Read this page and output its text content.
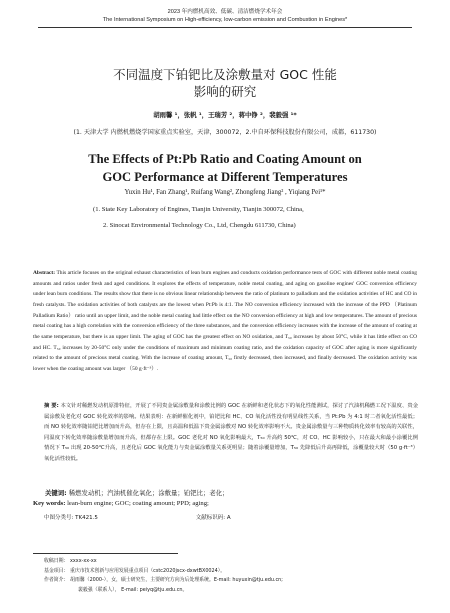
2023 年内燃机高效、低碳、清洁燃烧学术年会
The International Symposium on High-efficiency, low-carbon emission and Combustion in Engines*
不同温度下铂钯比及涂敷量对 GOC 性能
影响的研究
胡雨馨 ¹，张帆 ¹，王瑞芳 ²，蒋中铮 ²，裴毅强 ¹*
(1. 天津大学 内燃机燃烧学国家重点实验室，天津，300072，2.中自环保科技股份有限公司，成都，611730)
The Effects of Pt:Pb Ratio and Coating Amount on
GOC Performance at Different Temperatures
Yuxin Hu¹, Fan Zhang¹, Ruifang Wang², Zhongfeng Jiang² , Yiqiang Pei¹*
(1. State Key Laboratory of Engines, Tianjin University, Tianjin 300072, China,
2. Sinocat Environmental Technology Co., Ltd, Chengdu 611730, China)
Abstract: This article focuses on the original exhaust characteristics of lean burn engines and conducts oxidation performance tests of GOC with different noble metal coating amounts and ratios under fresh and aged conditions. It explores the effects of temperature, noble metal coating, and aging on gasoline engines' GOC conversion efficiency under lean burn conditions. The results show that there is no obvious linear relationship between the ratio of platinum to palladium and the oxidation activities of HC and CO in fresh catalysts. The oxidation activities of both catalysts are the lowest when Pt:Pb is 4:1. The NO conversion efficiency increased with the increase of the PPD （Platinum Palladium Ratio） ratio until an upper limit, and the noble metal coating had little effect on the NO conversion efficiency at high and low temperatures. The amount of precious metal coating has a high correlation with the conversion efficiency of the three substances, and the conversion efficiency increases with the increase of the amount of coating at the same temperature, but there is an upper limit. The aging of GOC has the greatest effect on NO oxidation, and T₅₀ increases by about 50°C, while it has little effect on CO and HC. T₅₀ increases by 20-50°C only under the conditions of maximum and minimum coating ratio, and the oxidation capacity of GOC after aging is more significantly related to the amount of precious metal coating. With the increase of coating amount, T₅₀ firstly decreased, then increased, and finally decreased. The oxidation activity was lower when the coating amount was larger （50 g·ft⁻³）.
摘 要: 本文针对稀燃发动机原排特征，开展了不同贵金属涂敷量和涂敷比例的 GOC 在新鲜和老化状态下的氧化性能测试，探讨了汽油机稀燃工况下温度、贵金属涂敷及老化对 GOC 转化效率的影响。结果表明：在新鲜催化剂中，铂钯比和 HC、CO 氧化活性没有明显线性关系，当 Pt:Pb 为 4:1 时二者氧化活性最低；而 NO 转化效率随铂钯比增加而升高，但存在上限，且高温和低温下贵金属涂敷对 NO 转化效率影响不大。贵金属涂敷量与三种物质转化效率有较高的关联性，同温度下转化效率随涂敷量增加而升高，但都存在上限。GOC 老化对 NO 氧化影响最大，T₅₀ 升高约 50℃，对 CO、HC 影响较小，只在最大和最小涂覆比例情况下 T₅₀ 出现 20-50℃升高，且老化后 GOC 氧化能力与贵金属涂敷量关系更明显；随着涂覆量增加，T₅₀ 先降低后升高再降低，涂覆量较大时（50 g·ft⁻³）氧化活性较低。
关键词: 稀燃发动机；汽油机催化氧化；涂敷量；铂钯比；老化；
Key words: lean-burn engine; GOC; coating amount; PPD; aging;
中图分类号: TK421.5	文献标识码: A
收稿日期： xxxx-xx-xx
基金项目： 重庆市技术创新与应用发展重点项目（cstc2020jscx-dxwtBX0024）。
作者简介： 胡雨馨（2000-），女，硕士研究生，主要研究方向为后处理系统。E-mail: huyuxin@tju.edu.cn;
裴毅强（联系人）， E-mail: peiyq@tju.edu.cn。
